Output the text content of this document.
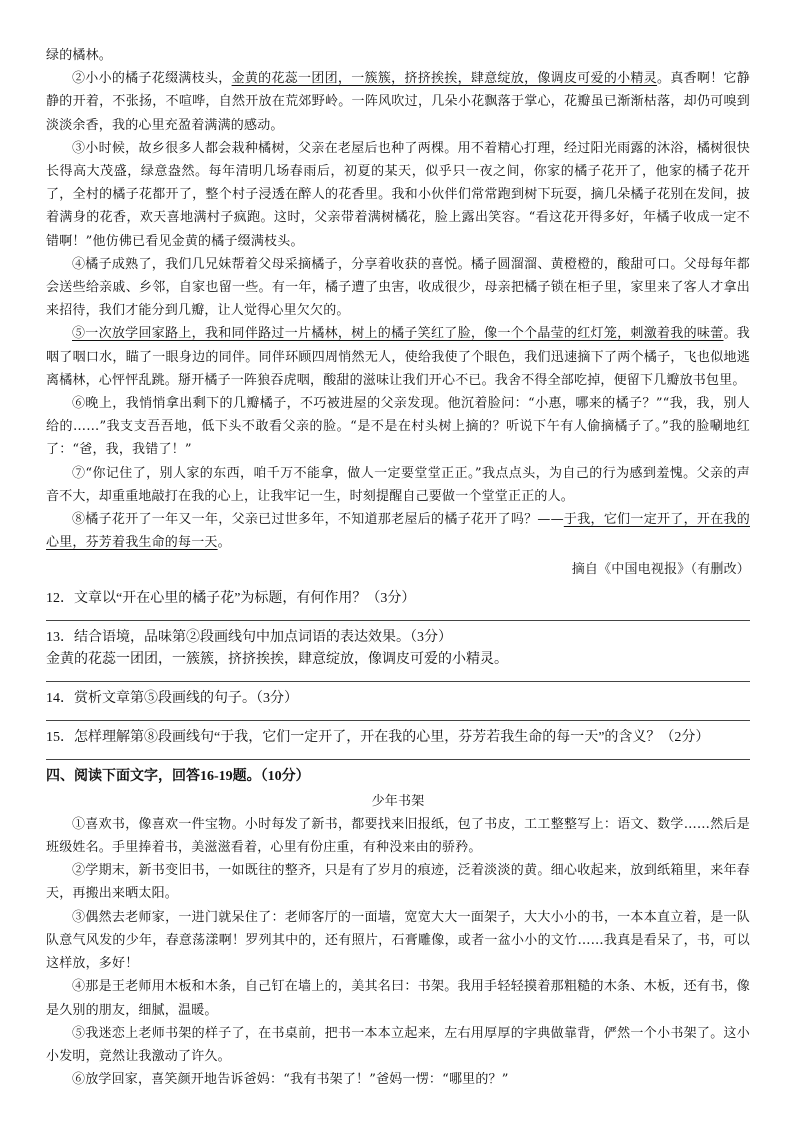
绿的橘林。

②小小的橘子花缀满枝头，金黄的花蕊一团团，一簇簇，挤挤挨挨，肆意绽放，像调皮可爱的小精灵。真香啊！它静静的开着，不张扬，不喧哗，自然开放在荒郊野岭。一阵风吹过，几朵小花飘落于掌心，花瓣虽已渐渐枯落，却仍可嗅到淡淡余香，我的心里充盈着满满的感动。

③小时候，故乡很多人都会栽种橘树，父亲在老屋后也种了两棵。用不着精心打理，经过阳光雨露的沐浴，橘树很快长得高大茂盛，绿意盎然。每年清明几场春雨后，初夏的某天，似乎只一夜之间，你家的橘子花开了，他家的橘子花开了，全村的橘子花都开了，整个村子浸透在醉人的花香里。我和小伙伴们常常跑到树下玩耍，摘几朵橘子花别在发间，披着满身的花香，欢天喜地满村子疯跑。这时，父亲带着满树橘花，脸上露出笑容。“看这花开得多好，年橘子收成一定不错啊！”他仿佛已看见金黄的橘子缀满枝头。

④橘子成熟了，我们几兄妹帮着父母采摘橘子，分享着收获的喜悦。橘子圆溜溜、黄橙橙的，酸甜可口。父母每年都会送些给亲戚、乡邻，自家也留一些。有一年，橘子遭了虫害，收成很少，母亲把橘子锁在柜子里，家里来了客人才拿出来招待，我们才能分到几瓣，让人觉得心里欠欠的。

⑤一次放学回家路上，我和同伴路过一片橘林，树上的橘子笑红了脸，像一个个晶莹的红灯笼，刺激着我的味蕾。我咽了咽口水，瞄了一眼身边的同伴。同伴环顾四周悄然无人，使给我使了个眼色，我们迅速摘下了两个橘子，飞也似地逃离橘林，心怦怦乱跳。掰开橘子一阵狼吞虎咽，酸甜的滋味让我们开心不已。我舍不得全部吃掉，便留下几瓣放书包里。

⑥晚上，我悄悄拿出剩下的几瓣橘子，不巧被进屋的父亲发现。他沉着脸问：“小惠，哪来的橘子？”“我，我，别人给的……”我支支吾吾地，低下头不敢看父亲的脸。“是不是在村头树上摘的？听说下午有人偷摘橘子了。”我的脸唰地红了：“爸，我，我错了！”

⑦“你记住了，别人家的东西，咱千万不能拿，做人一定要堂堂正正。”我点点头，为自己的行为感到羞愧。父亲的声音不大，却重重地敲打在我的心上，让我牢记一生，时刻提醒自己要做一个堂堂正正的人。

⑧橘子花开了一年又一年，父亲已过世多年，不知道那老屋后的橘子花开了吗？——于我，它们一定开了，开在我的心里，芬芳着我生命的每一天。

摘自《中国电视报》（有删改）

12．文章以“开在心里的橘子花”为标题，有何作用？（3分）

13．结合语境，品味第②段画线句中加点词语的表达效果。（3分）

金黄的花蕊一团团，一簇簇，挤挤挨挨，肆意绽放，像调皮可爱的小精灵。

14．赏析文章第⑤段画线的句子。（3分）

15．怎样理解第⑧段画线句“于我，它们一定开了，开在我的心里，芬芳若我生命的每一天”的含义？（2分）

四、阅读下面文字，回答16-19题。（10分）

少年书架

①喜欢书，像喜欢一件宝物。小时每发了新书，都要找来旧报纸，包了书皮，工工整整写上：语文、数学……然后是班级姓名。手里捧着书，美滋滋看着，心里有份庄重，有种没来由的骄矜。

②学期末，新书变旧书，一如既往的整齐，只是有了岁月的痕迹，泛着淡淡的黄。细心收起来，放到纸箱里，来年春天，再搬出来晒太阳。

③偶然去老师家，一进门就呆住了：老师客厅的一面墙，宽宽大大一面架子，大大小小的书，一本本直立着，是一队队意气风发的少年，春意荡漾啊！罗列其中的，还有照片，石膏雕像，或者一盆小小的文竹……我真是看呆了，书，可以这样放，多好！

④那是王老师用木板和木条，自己钉在墙上的，美其名曰：书架。我用手轻轻摸着那粗糙的木条、木板，还有书，像是久别的朋友，细腻，温暖。

⑤我迷恋上老师书架的样子了，在书桌前，把书一本本立起来，左右用厚厚的字典做靠背，俨然一个小书架了。这小小发明，竟然让我激动了许久。

⑥放学回家，喜笑颜开地告诉爸妈：“我有书架了！”爸妈一愣：“哪里的？”
